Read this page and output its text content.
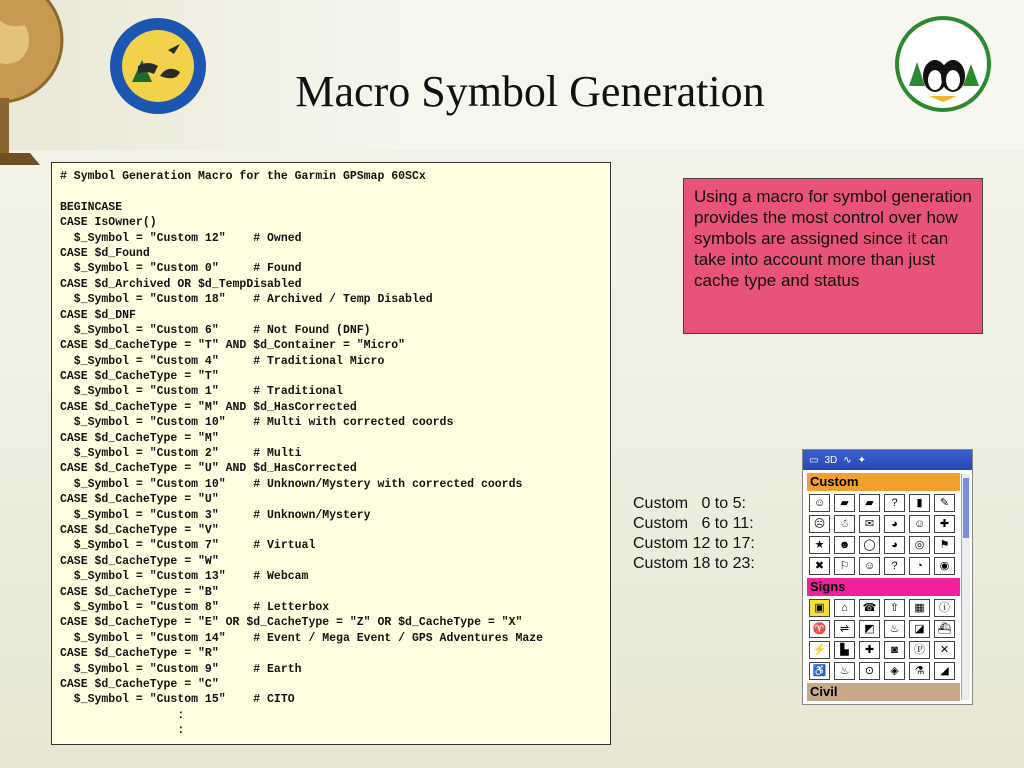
Macro Symbol Generation
# Symbol Generation Macro for the Garmin GPSmap 60SCx
BEGINCASE
CASE IsOwner()
$_Symbol = "Custom 12"    # Owned
CASE $d_Found
$_Symbol = "Custom 0"     # Found
CASE $d_Archived OR $d_TempDisabled
$_Symbol = "Custom 18"    # Archived / Temp Disabled
CASE $d_DNF
$_Symbol = "Custom 6"     # Not Found (DNF)
CASE $d_CacheType = "T" AND $d_Container = "Micro"
$_Symbol = "Custom 4"     # Traditional Micro
CASE $d_CacheType = "T"
$_Symbol = "Custom 1"     # Traditional
CASE $d_CacheType = "M" AND $d_HasCorrected
$_Symbol = "Custom 10"    # Multi with corrected coords
CASE $d_CacheType = "M"
$_Symbol = "Custom 2"     # Multi
CASE $d_CacheType = "U" AND $d_HasCorrected
$_Symbol = "Custom 10"    # Unknown/Mystery with corrected coords
CASE $d_CacheType = "U"
$_Symbol = "Custom 3"     # Unknown/Mystery
CASE $d_CacheType = "V"
$_Symbol = "Custom 7"     # Virtual
CASE $d_CacheType = "W"
$_Symbol = "Custom 13"    # Webcam
CASE $d_CacheType = "B"
$_Symbol = "Custom 8"     # Letterbox
CASE $d_CacheType = "E" OR $d_CacheType = "Z" OR $d_CacheType = "X"
$_Symbol = "Custom 14"    # Event / Mega Event / GPS Adventures Maze
CASE $d_CacheType = "R"
$_Symbol = "Custom 9"     # Earth
CASE $d_CacheType = "C"
$_Symbol = "Custom 15"    # CITO
:
:
Using a macro for symbol generation provides the most control over how symbols are assigned since it can take into account more than just cache type and status
Custom   0 to 5:
Custom   6 to 11:
Custom 12 to 17:
Custom 18 to 23:
▭ 3D ∿ ✦
Custom
☺	▰	▰	?	▮	✎
☹	☃	✉	◕	☺	✚
★	☻	◯	◕	◎	⚑
✖	⚐	☺	?	◔	◉
Signs
▣	⌂	☎	⇧	▦	ⓘ
♈	⇌	◩	♨	◪	⛴
⚡	▙	✚	◙	Ⓟ	✕
♿	♨	⊙	◈	⚗	◢
Civil
